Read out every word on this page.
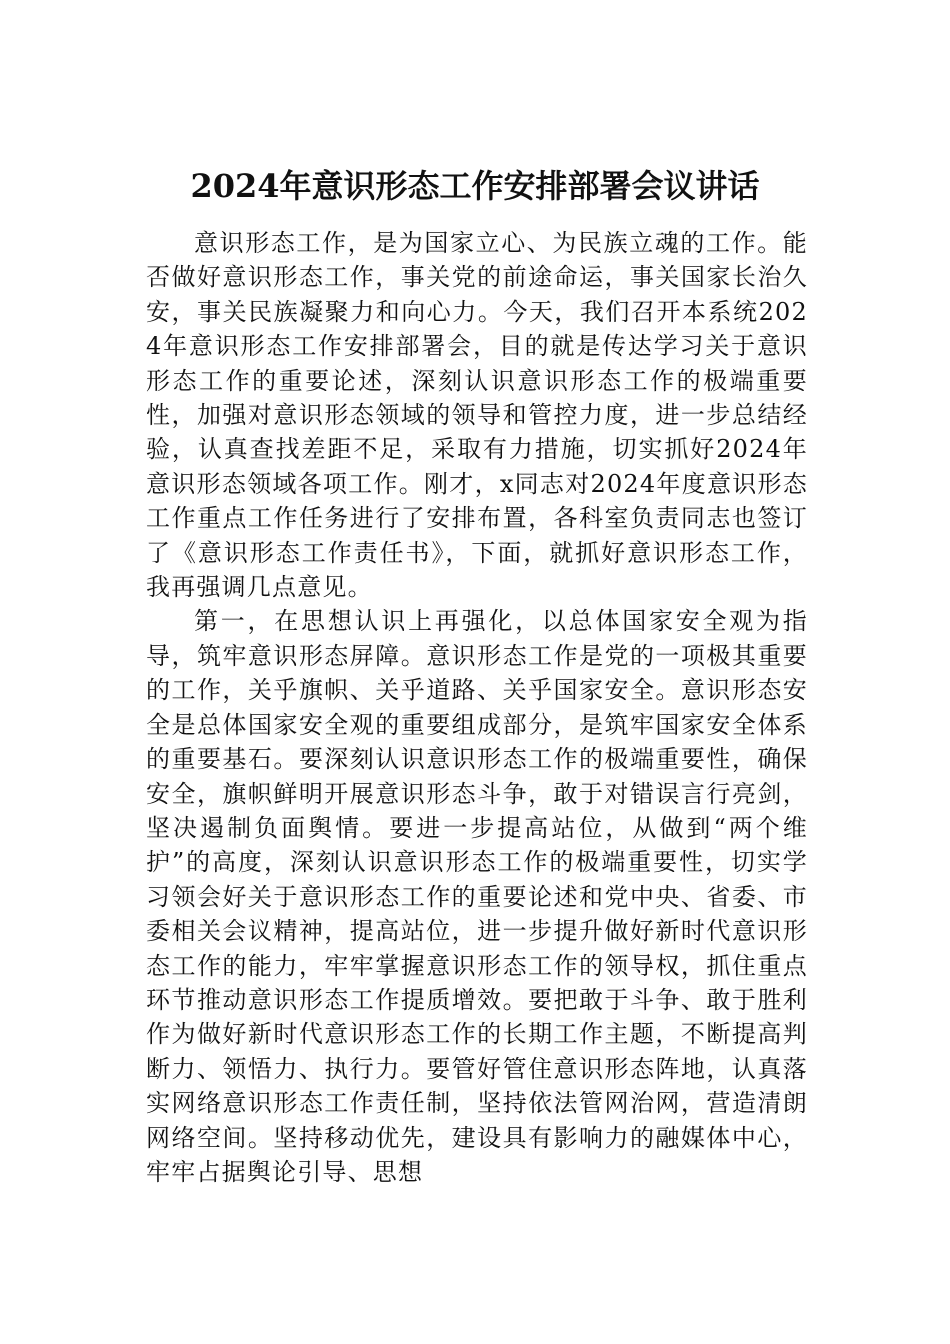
2024年意识形态工作安排部署会议讲话

意识形态工作，是为国家立心、为民族立魂的工作。能否做好意识形态工作，事关党的前途命运，事关国家长治久安，事关民族凝聚力和向心力。今天，我们召开本系统2024年意识形态工作安排部署会，目的就是传达学习关于意识形态工作的重要论述，深刻认识意识形态工作的极端重要性，加强对意识形态领域的领导和管控力度，进一步总结经验，认真查找差距不足，采取有力措施，切实抓好2024年意识形态领域各项工作。刚才，x同志对2024年度意识形态工作重点工作任务进行了安排布置，各科室负责同志也签订了《意识形态工作责任书》，下面，就抓好意识形态工作，我再强调几点意见。

第一，在思想认识上再强化，以总体国家安全观为指导，筑牢意识形态屏障。意识形态工作是党的一项极其重要的工作，关乎旗帜、关乎道路、关乎国家安全。意识形态安全是总体国家安全观的重要组成部分，是筑牢国家安全体系的重要基石。要深刻认识意识形态工作的极端重要性，确保安全，旗帜鲜明开展意识形态斗争，敢于对错误言行亮剑，坚决遏制负面舆情。要进一步提高站位，从做到“两个维护”的高度，深刻认识意识形态工作的极端重要性，切实学习领会好关于意识形态工作的重要论述和党中央、省委、市委相关会议精神，提高站位，进一步提升做好新时代意识形态工作的能力，牢牢掌握意识形态工作的领导权，抓住重点环节推动意识形态工作提质增效。要把敢于斗争、敢于胜利作为做好新时代意识形态工作的长期工作主题，不断提高判断力、领悟力、执行力。要管好管住意识形态阵地，认真落实网络意识形态工作责任制，坚持依法管网治网，营造清朗网络空间。坚持移动优先，建设具有影响力的融媒体中心，牢牢占据舆论引导、思想
